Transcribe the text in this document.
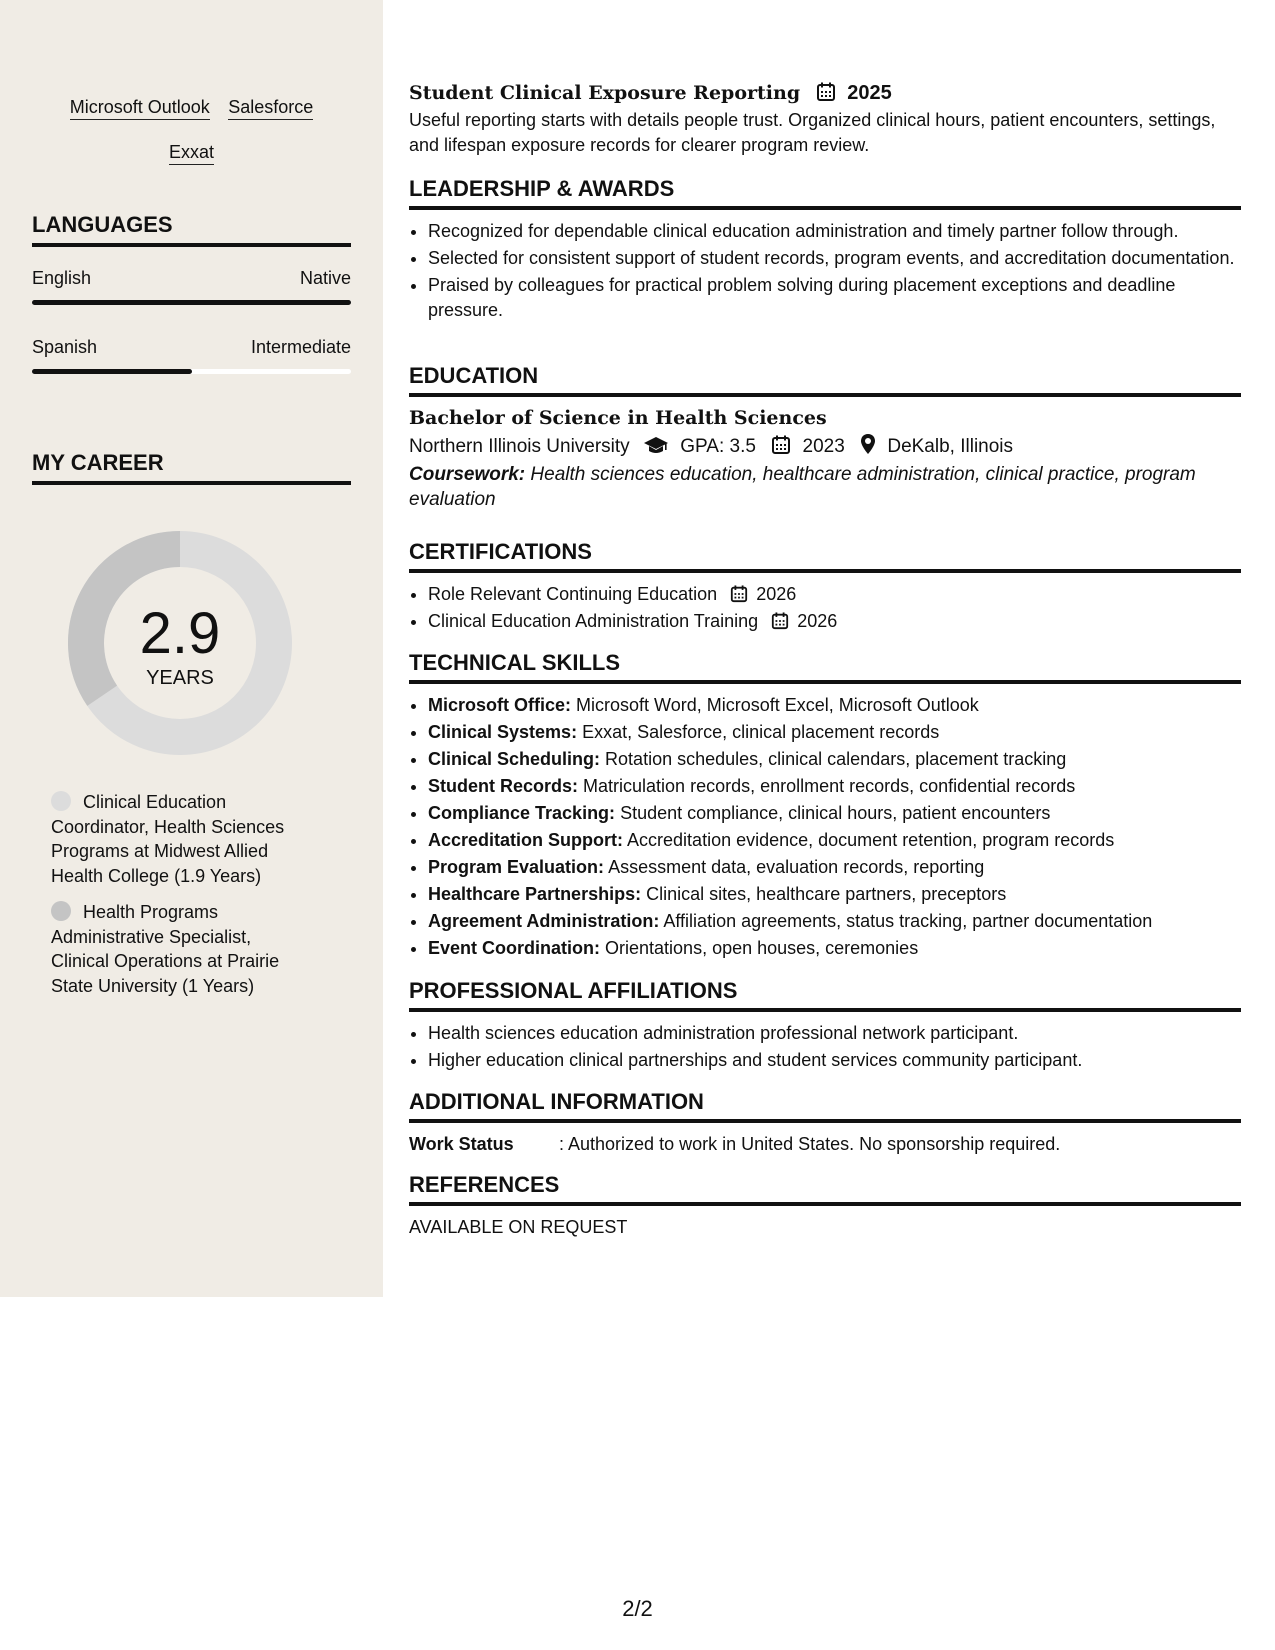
Microsoft Outlook Salesforce
Exxat
LANGUAGES
English	Native
Spanish	Intermediate
MY CAREER
2.9
YEARS
Clinical Education Coordinator, Health Sciences Programs at Midwest Allied Health College (1.9 Years)
Health Programs Administrative Specialist, Clinical Operations at Prairie State University (1 Years)
Student Clinical Exposure Reporting 2025
Useful reporting starts with details people trust. Organized clinical hours, patient encounters, settings, and lifespan exposure records for clearer program review.
LEADERSHIP & AWARDS
• Recognized for dependable clinical education administration and timely partner follow through.
• Selected for consistent support of student records, program events, and accreditation documentation.
• Praised by colleagues for practical problem solving during placement exceptions and deadline pressure.
EDUCATION
Bachelor of Science in Health Sciences
Northern Illinois University	GPA: 3.5 2023 DeKalb, Illinois
Coursework: Health sciences education, healthcare administration, clinical practice, program evaluation
CERTIFICATIONS
• Role Relevant Continuing Education 2026
• Clinical Education Administration Training 2026
TECHNICAL SKILLS
• Microsoft Office: Microsoft Word, Microsoft Excel, Microsoft Outlook
• Clinical Systems: Exxat, Salesforce, clinical placement records
• Clinical Scheduling: Rotation schedules, clinical calendars, placement tracking
• Student Records: Matriculation records, enrollment records, confidential records
• Compliance Tracking: Student compliance, clinical hours, patient encounters
• Accreditation Support: Accreditation evidence, document retention, program records
• Program Evaluation: Assessment data, evaluation records, reporting
• Healthcare Partnerships: Clinical sites, healthcare partners, preceptors
• Agreement Administration: Affiliation agreements, status tracking, partner documentation
• Event Coordination: Orientations, open houses, ceremonies
PROFESSIONAL AFFILIATIONS
• Health sciences education administration professional network participant.
• Higher education clinical partnerships and student services community participant.
ADDITIONAL INFORMATION
Work Status	: Authorized to work in United States. No sponsorship required.
REFERENCES
AVAILABLE ON REQUEST
2/2
